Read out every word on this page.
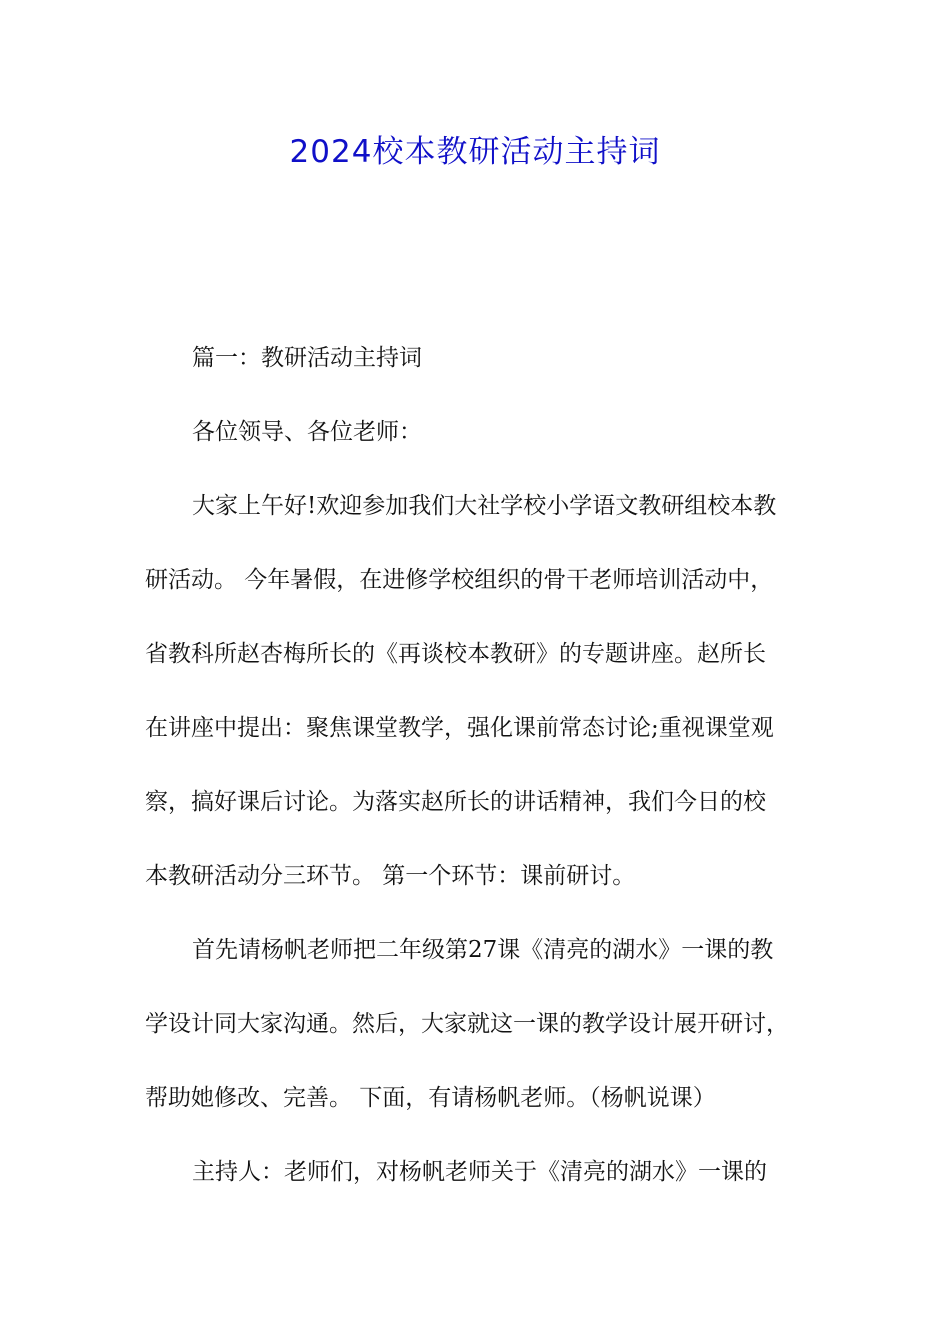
2024校本教研活动主持词
篇一：教研活动主持词
各位领导、各位老师：
大家上午好!欢迎参加我们大社学校小学语文教研组校本教
研活动。 今年暑假，在进修学校组织的骨干老师培训活动中，
省教科所赵杏梅所长的《再谈校本教研》的专题讲座。赵所长
在讲座中提出：聚焦课堂教学，强化课前常态讨论;重视课堂观
察，搞好课后讨论。为落实赵所长的讲话精神，我们今日的校
本教研活动分三环节。 第一个环节：课前研讨。
首先请杨帆老师把二年级第27课《清亮的湖水》一课的教
学设计同大家沟通。然后，大家就这一课的教学设计展开研讨，
帮助她修改、完善。 下面，有请杨帆老师。（杨帆说课）
主持人：老师们，对杨帆老师关于《清亮的湖水》一课的
